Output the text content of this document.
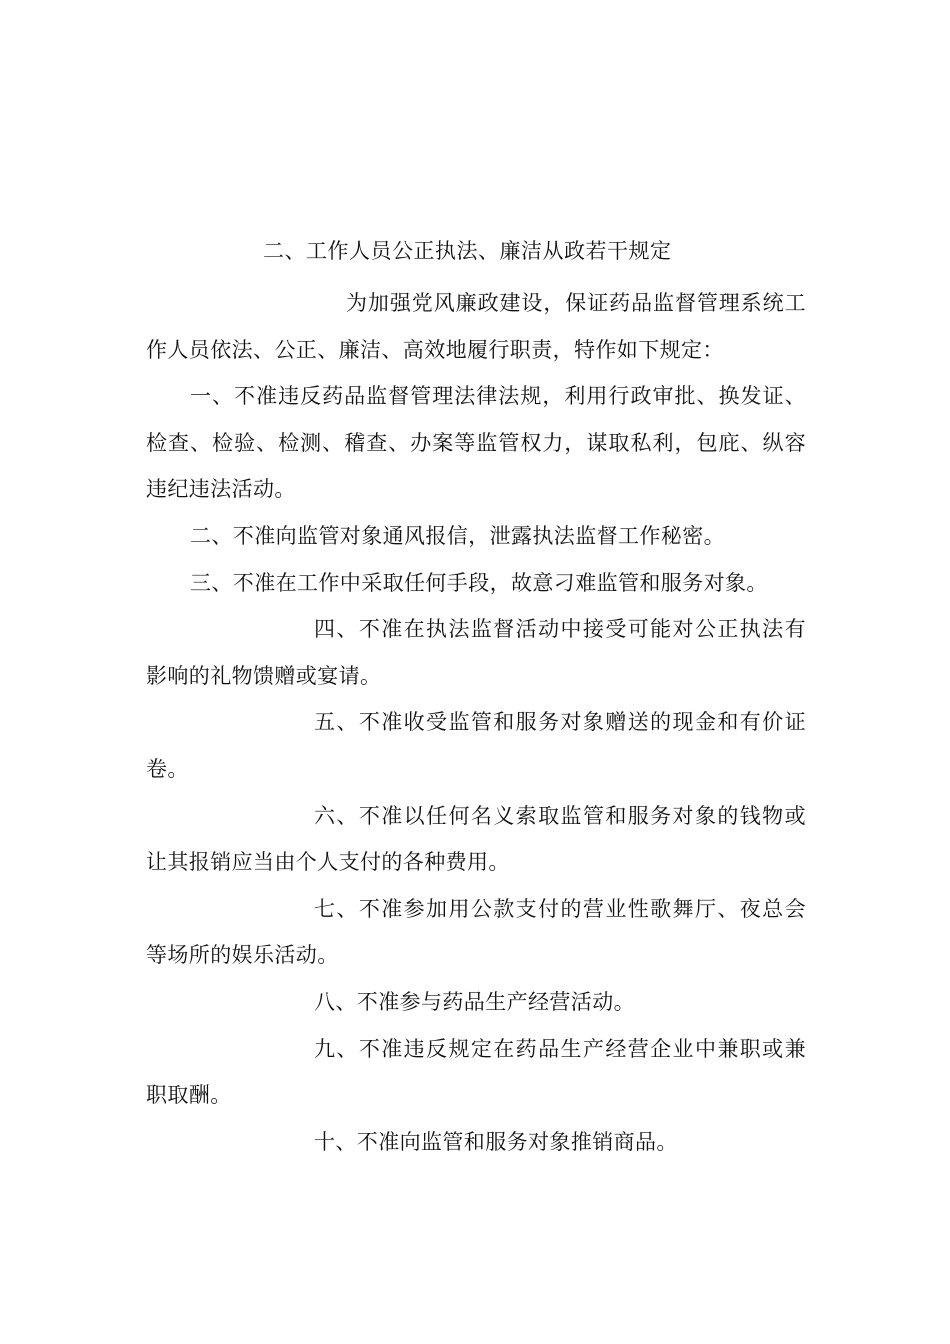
二、工作人员公正执法、廉洁从政若干规定

为加强党风廉政建设，保证药品监督管理系统工作人员依法、公正、廉洁、高效地履行职责，特作如下规定：

一、不准违反药品监督管理法律法规，利用行政审批、换发证、检查、检验、检测、稽查、办案等监管权力，谋取私利，包庇、纵容违纪违法活动。

二、不准向监管对象通风报信，泄露执法监督工作秘密。

三、不准在工作中采取任何手段，故意刁难监管和服务对象。

四、不准在执法监督活动中接受可能对公正执法有影响的礼物馈赠或宴请。

五、不准收受监管和服务对象赠送的现金和有价证卷。

六、不准以任何名义索取监管和服务对象的钱物或让其报销应当由个人支付的各种费用。

七、不准参加用公款支付的营业性歌舞厅、夜总会等场所的娱乐活动。

八、不准参与药品生产经营活动。

九、不准违反规定在药品生产经营企业中兼职或兼职取酬。

十、不准向监管和服务对象推销商品。
